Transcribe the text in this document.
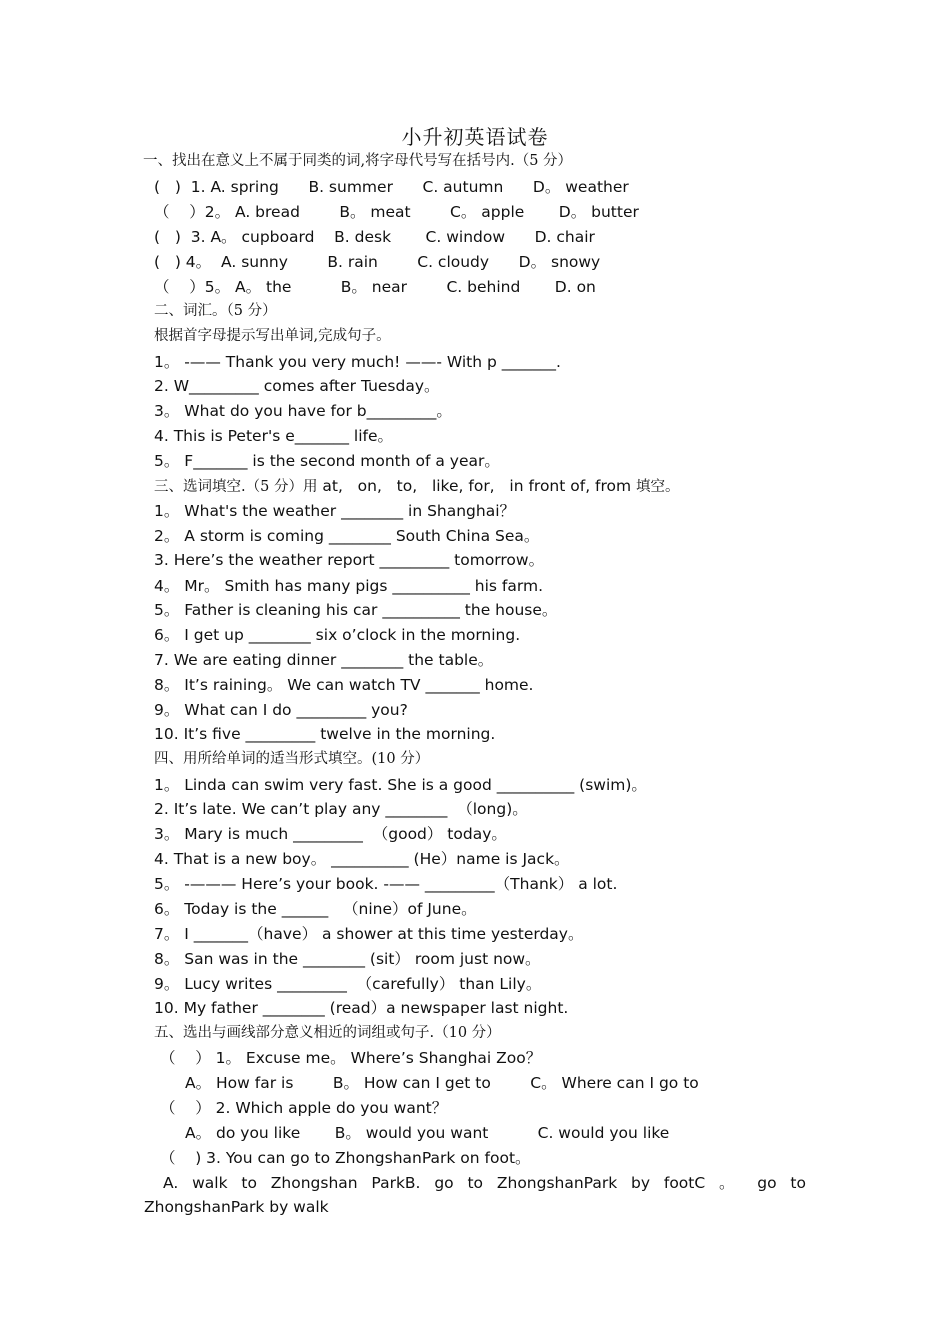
小升初英语试卷
一、找出在意义上不属于同类的词,将字母代号写在括号内.（5 分）
(   )  1. A. spring      B. summer      C. autumn      D。 weather
（    ）2。 A. bread        B。 meat        C。 apple       D。 butter
(   )  3. A。 cupboard    B. desk       C. window      D. chair
(   ) 4。  A. sunny        B. rain        C. cloudy      D。 snowy
（    ）5。 A。 the          B。 near        C. behind       D. on
二、词汇。（5 分）
根据首字母提示写出单词,完成句子。
1。 -—— Thank you very much! ——- With p _______.
2. W_________ comes after Tuesday。
3。 What do you have for b_________。
4. This is Peter's e_______ life。
5。 F_______ is the second month of a year。
三、选词填空.（5 分）用 at,   on,   to,   like, for,   in front of, from 填空。
1。 What's the weather ________ in Shanghai？
2。 A storm is coming ________ South China Sea。
3. Here’s the weather report _________ tomorrow。
4。 Mr。 Smith has many pigs __________ his farm.
5。 Father is cleaning his car __________ the house。
6。 I get up ________ six o’clock in the morning.
7. We are eating dinner ________ the table。
8。 It’s raining。 We can watch TV _______ home.
9。 What can I do _________ you?
10. It’s five _________ twelve in the morning.
四、用所给单词的适当形式填空。(10 分）
1。 Linda can swim very fast. She is a good __________ (swim)。
2. It’s late. We can’t play any ________  （long)。
3。 Mary is much _________  （good） today。
4. That is a new boy。 __________ (He）name is Jack。
5。 -——— Here’s your book. -—— _________（Thank） a lot.
6。 Today is the ______   （nine）of June。
7。 I _______（have） a shower at this time yesterday。
8。 San was in the ________ (sit） room just now。
9。 Lucy writes _________  （carefully） than Lily。
10. My father ________ (read）a newspaper last night.
五、选出与画线部分意义相近的词组或句子.（10 分）
（    ） 1。 Excuse me。 Where’s Shanghai Zoo？
A。 How far is        B。 How can I get to        C。 Where can I go to
（    ） 2. Which apple do you want？
A。 do you like       B。 would you want          C. would you like
（    ) 3. You can go to ZhongshanPark on foot。
A. walk to Zhongshan ParkB. go to ZhongshanPark by footC 。 go to
ZhongshanPark by walk
